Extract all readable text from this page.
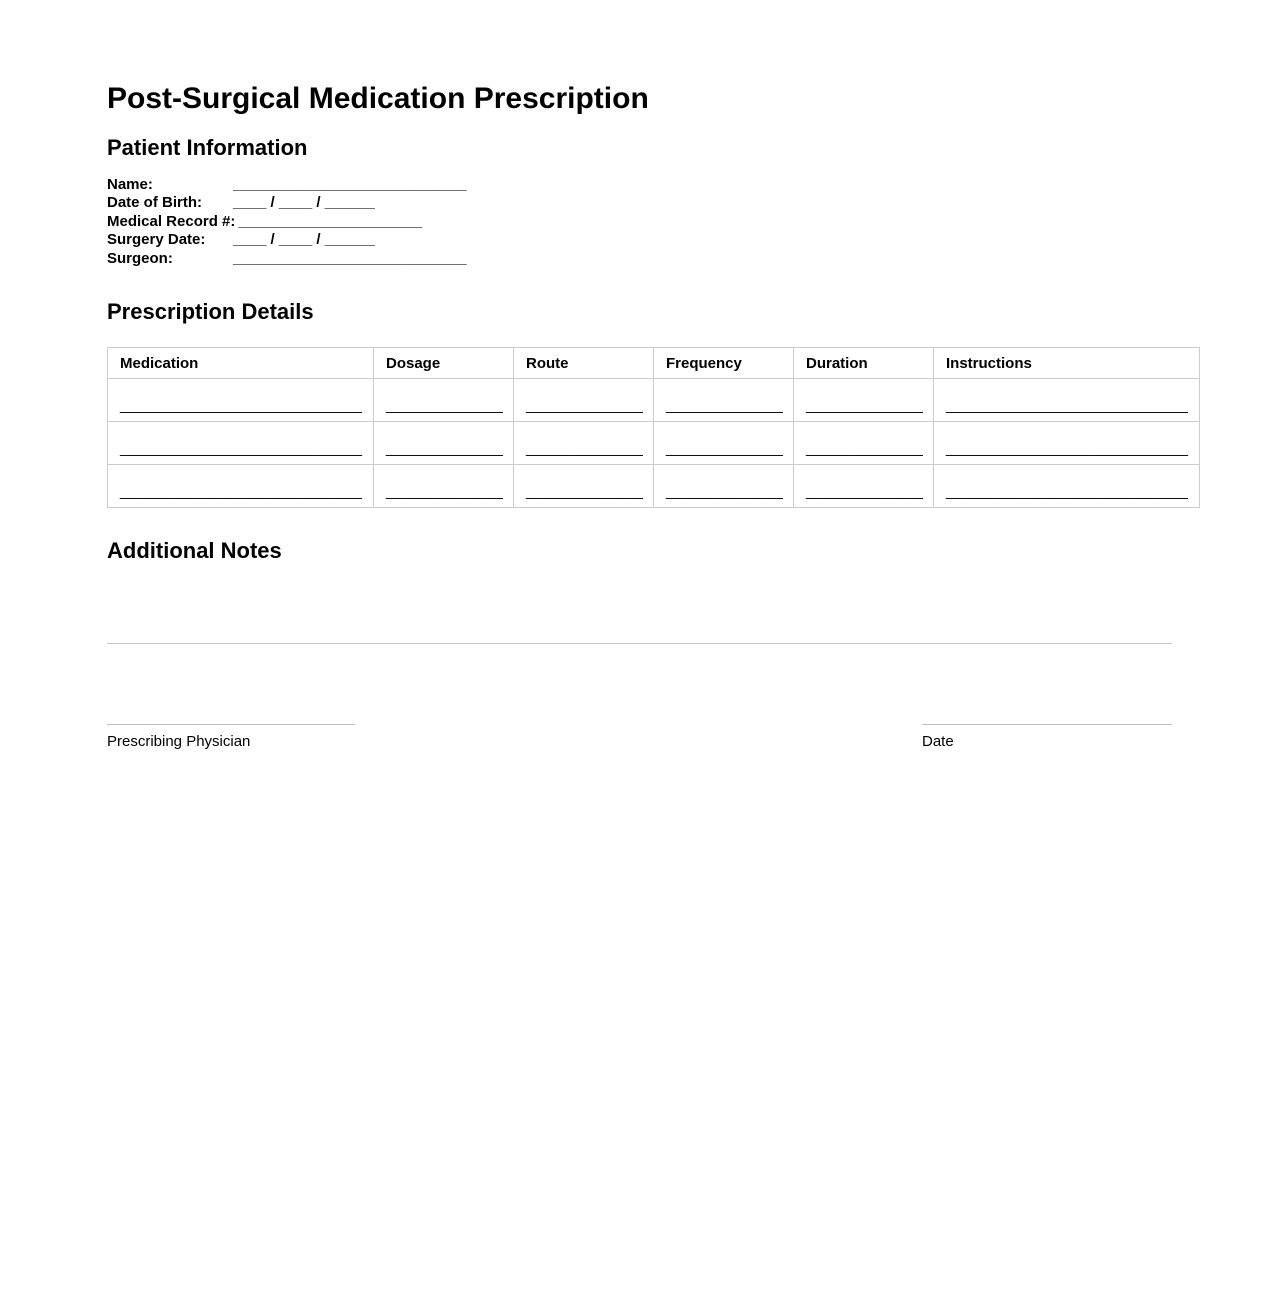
Post-Surgical Medication Prescription
Patient Information
Name:	____________________________
Date of Birth: ____ / ____ / ______
Medical Record #: ______________________
Surgery Date: ____ / ____ / ______
Surgeon:	____________________________
Prescription Details
Medication	Dosage	Route	Frequency	Duration	Instructions
_____________________________	______________	______________	______________	______________	_____________________________
_____________________________	______________	______________	______________	______________	_____________________________
_____________________________	______________	______________	______________	______________	_____________________________
Additional Notes
Prescribing Physician	Date
